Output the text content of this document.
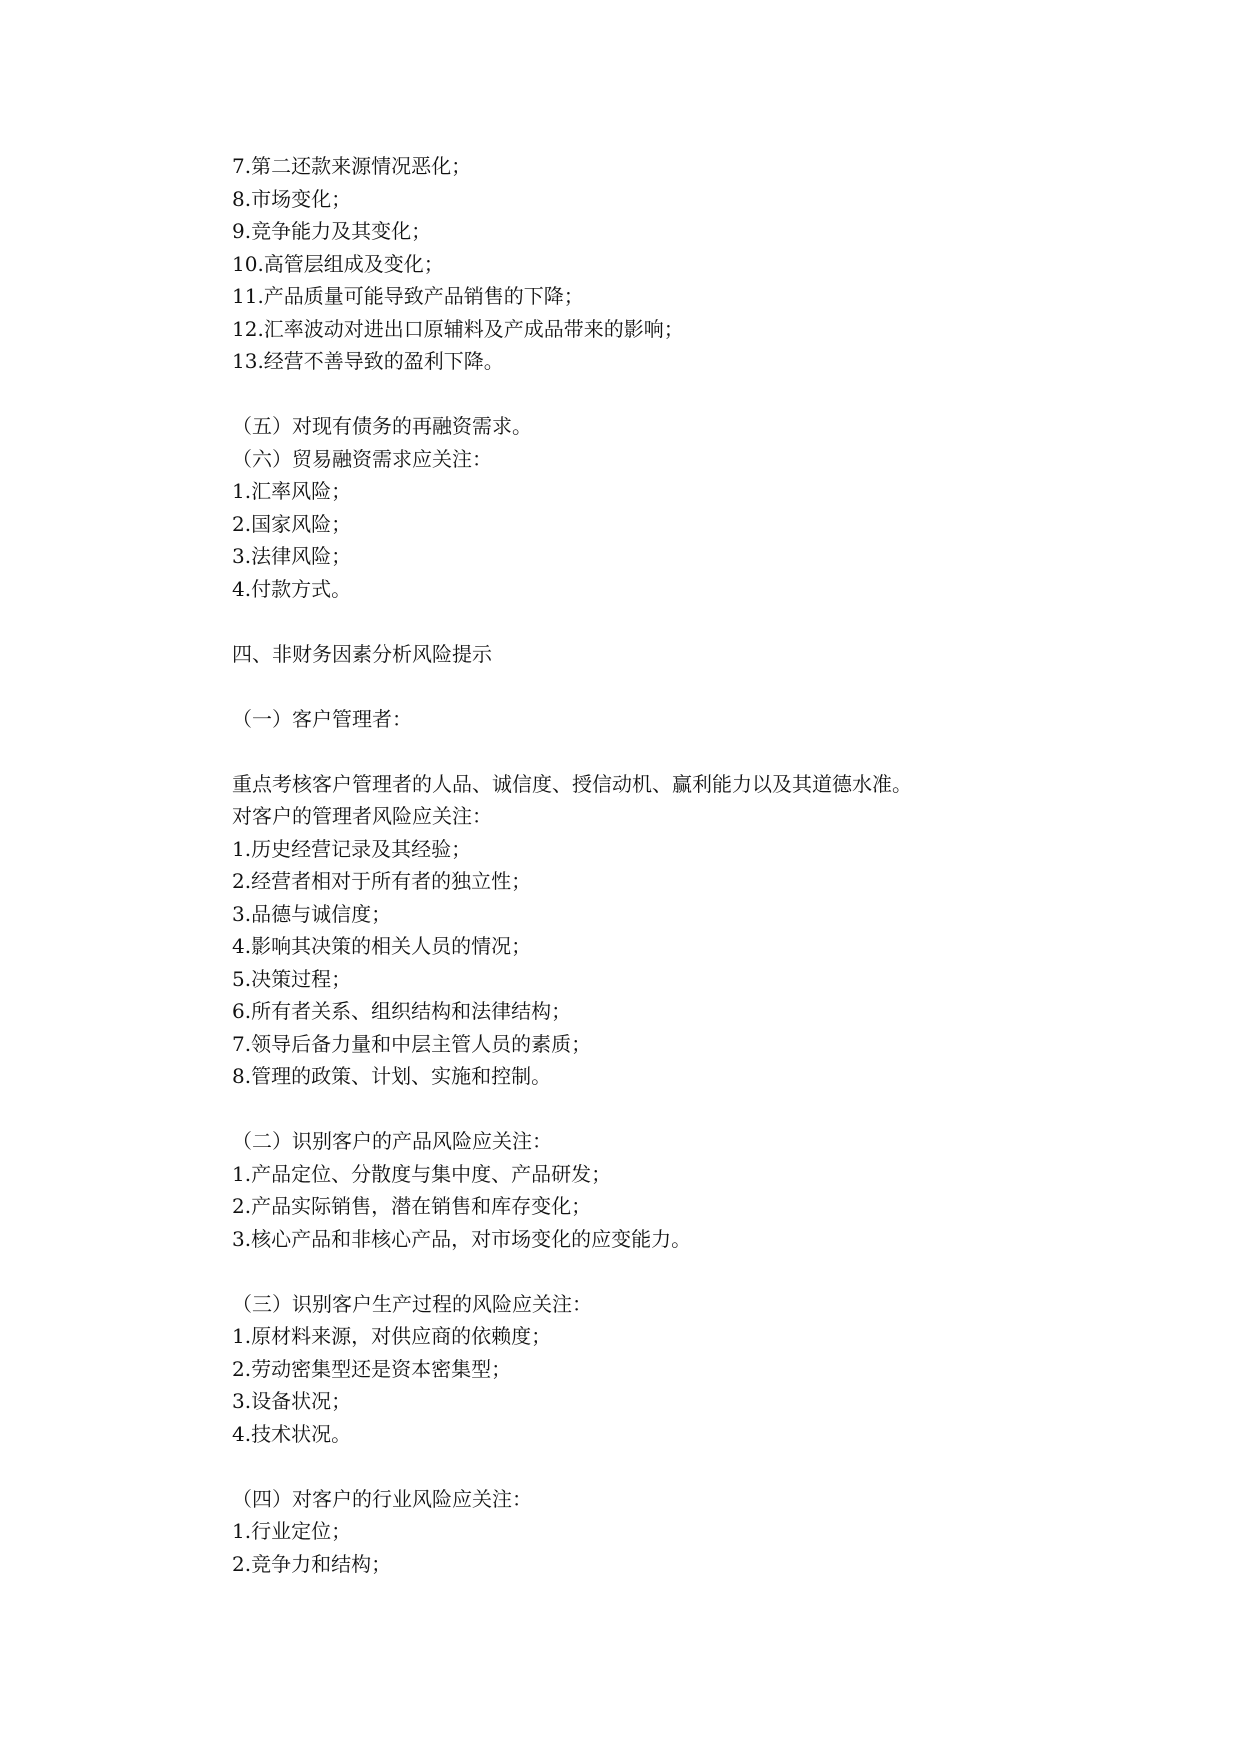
7.第二还款来源情况恶化；
8.市场变化；
9.竞争能力及其变化；
10.高管层组成及变化；
11.产品质量可能导致产品销售的下降；
12.汇率波动对进出口原辅料及产成品带来的影响；
13.经营不善导致的盈利下降。
（五）对现有债务的再融资需求。
（六）贸易融资需求应关注：
1.汇率风险；
2.国家风险；
3.法律风险；
4.付款方式。
四、非财务因素分析风险提示
（一）客户管理者：
重点考核客户管理者的人品、诚信度、授信动机、赢利能力以及其道德水准。
对客户的管理者风险应关注：
1.历史经营记录及其经验；
2.经营者相对于所有者的独立性；
3.品德与诚信度；
4.影响其决策的相关人员的情况；
5.决策过程；
6.所有者关系、组织结构和法律结构；
7.领导后备力量和中层主管人员的素质；
8.管理的政策、计划、实施和控制。
（二）识别客户的产品风险应关注：
1.产品定位、分散度与集中度、产品研发；
2.产品实际销售，潜在销售和库存变化；
3.核心产品和非核心产品，对市场变化的应变能力。
（三）识别客户生产过程的风险应关注：
1.原材料来源，对供应商的依赖度；
2.劳动密集型还是资本密集型；
3.设备状况；
4.技术状况。
（四）对客户的行业风险应关注：
1.行业定位；
2.竞争力和结构；
